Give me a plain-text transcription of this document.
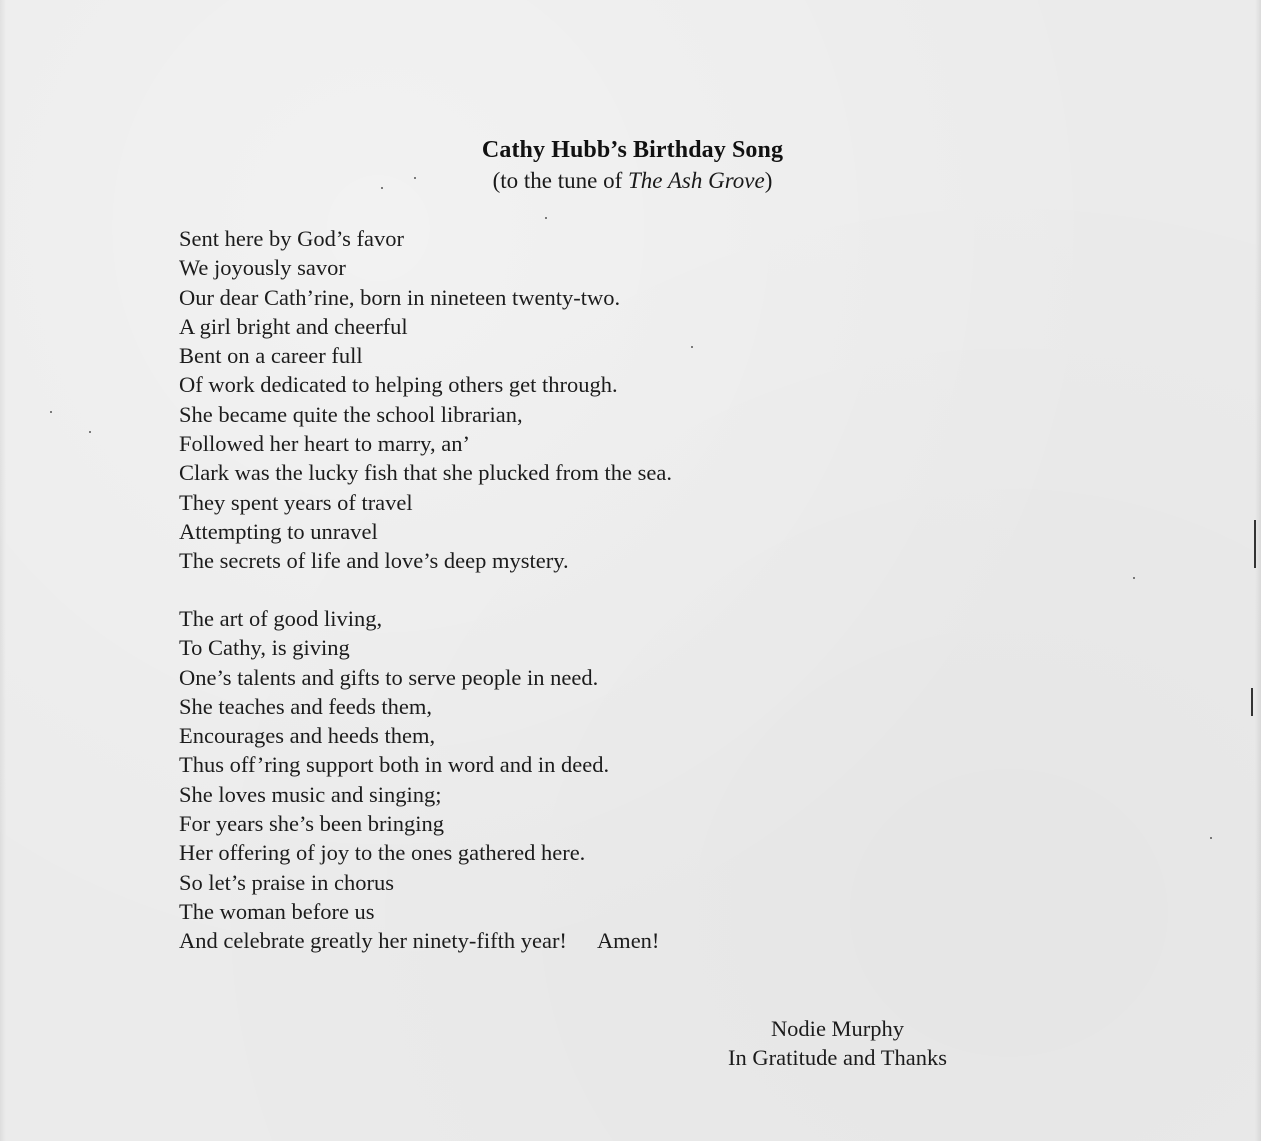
Cathy Hubb’s Birthday Song
(to the tune of The Ash Grove)
Sent here by God’s favor
We joyously savor
Our dear Cath’rine, born in nineteen twenty-two.
A girl bright and cheerful
Bent on a career full
Of work dedicated to helping others get through.
She became quite the school librarian,
Followed her heart to marry, an’
Clark was the lucky fish that she plucked from the sea.
They spent years of travel
Attempting to unravel
The secrets of life and love’s deep mystery.
The art of good living,
To Cathy, is giving
One’s talents and gifts to serve people in need.
She teaches and feeds them,
Encourages and heeds them,
Thus off’ring support both in word and in deed.
She loves music and singing;
For years she’s been bringing
Her offering of joy to the ones gathered here.
So let’s praise in chorus
The woman before us
And celebrate greatly her ninety-fifth year! Amen!
Nodie Murphy
In Gratitude and Thanks
